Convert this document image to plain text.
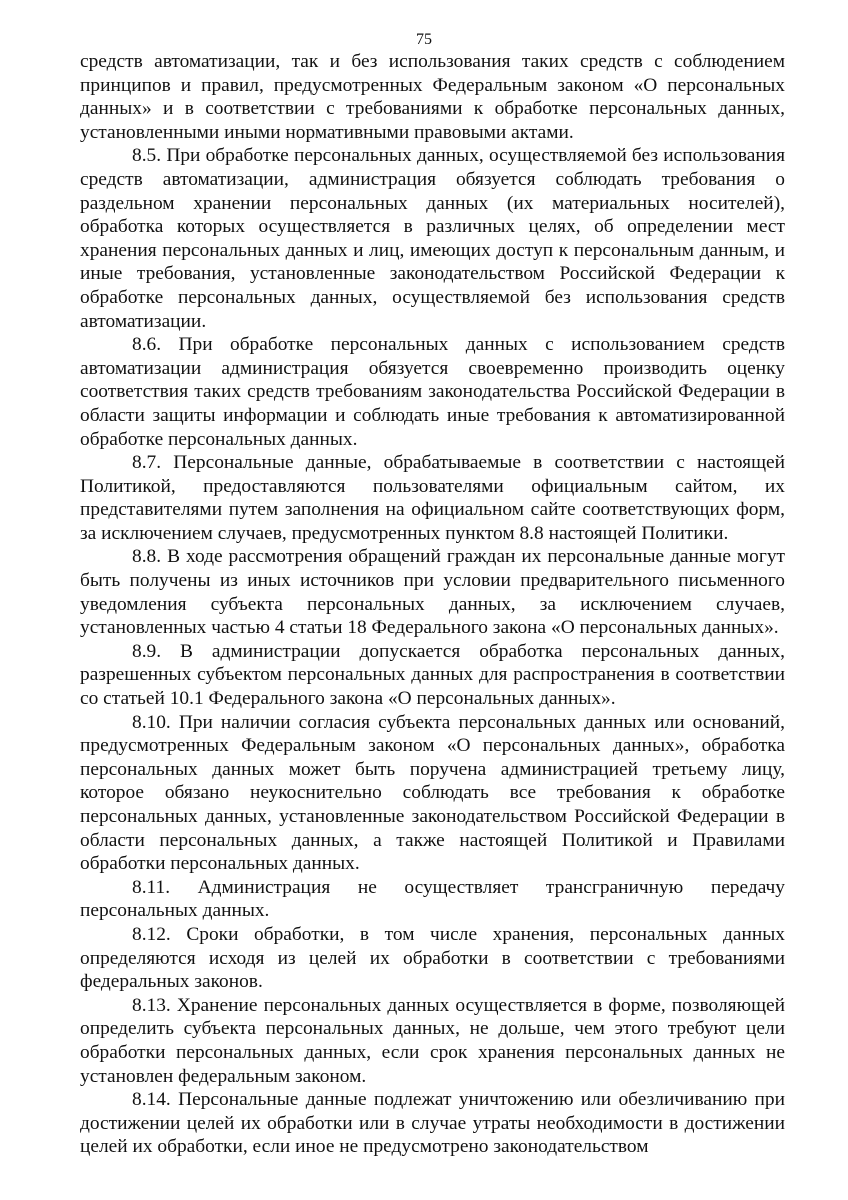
75

средств автоматизации, так и без использования таких средств с соблюдением принципов и правил, предусмотренных Федеральным законом «О персональных данных» и в соответствии с требованиями к обработке персональных данных, установленными иными нормативными правовыми актами.

8.5. При обработке персональных данных, осуществляемой без использования средств автоматизации, администрация обязуется соблюдать требования о раздельном хранении персональных данных (их материальных носителей), обработка которых осуществляется в различных целях, об определении мест хранения персональных данных и лиц, имеющих доступ к персональным данным, и иные требования, установленные законодательством Российской Федерации к обработке персональных данных, осуществляемой без использования средств автоматизации.

8.6. При обработке персональных данных с использованием средств автоматизации администрация обязуется своевременно производить оценку соответствия таких средств требованиям законодательства Российской Федерации в области защиты информации и соблюдать иные требования к автоматизированной обработке персональных данных.

8.7. Персональные данные, обрабатываемые в соответствии с настоящей Политикой, предоставляются пользователями официальным сайтом, их представителями путем заполнения на официальном сайте соответствующих форм, за исключением случаев, предусмотренных пунктом 8.8 настоящей Политики.

8.8. В ходе рассмотрения обращений граждан их персональные данные могут быть получены из иных источников при условии предварительного письменного уведомления субъекта персональных данных, за исключением случаев, установленных частью 4 статьи 18 Федерального закона «О персональных данных».

8.9. В администрации допускается обработка персональных данных, разрешенных субъектом персональных данных для распространения в соответствии со статьей 10.1 Федерального закона «О персональных данных».

8.10. При наличии согласия субъекта персональных данных или оснований, предусмотренных Федеральным законом «О персональных данных», обработка персональных данных может быть поручена администрацией третьему лицу, которое обязано неукоснительно соблюдать все требования к обработке персональных данных, установленные законодательством Российской Федерации в области персональных данных, а также настоящей Политикой и Правилами обработки персональных данных.

8.11. Администрация не осуществляет трансграничную передачу персональных данных.

8.12. Сроки обработки, в том числе хранения, персональных данных определяются исходя из целей их обработки в соответствии с требованиями федеральных законов.

8.13. Хранение персональных данных осуществляется в форме, позволяющей определить субъекта персональных данных, не дольше, чем этого требуют цели обработки персональных данных, если срок хранения персональных данных не установлен федеральным законом.

8.14. Персональные данные подлежат уничтожению или обезличиванию при достижении целей их обработки или в случае утраты необходимости в достижении целей их обработки, если иное не предусмотрено законодательством
